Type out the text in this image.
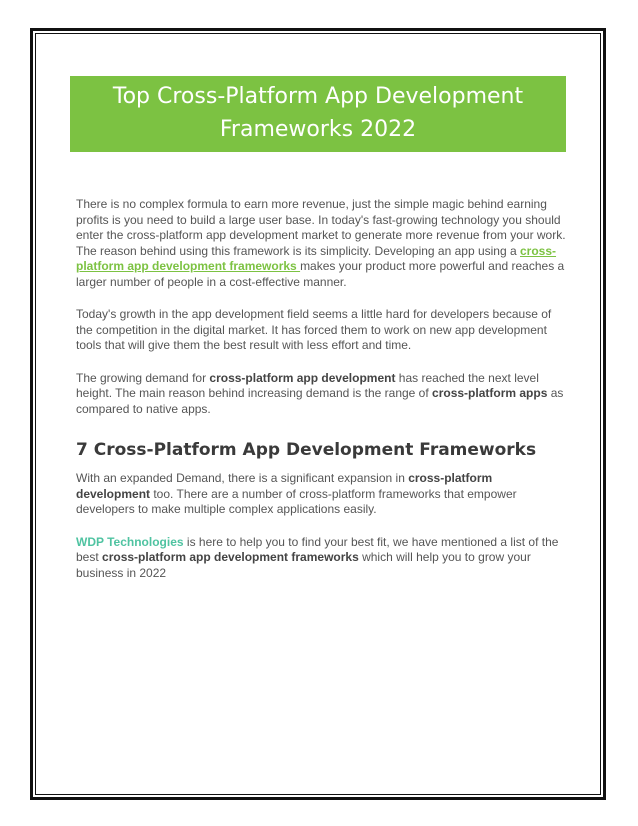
Top Cross-Platform App Development
Frameworks 2022

There is no complex formula to earn more revenue, just the simple magic behind earning profits is you need to build a large user base. In today's fast-growing technology you should enter the cross-platform app development market to generate more revenue from your work. The reason behind using this framework is its simplicity. Developing an app using a cross-platform app development frameworks makes your product more powerful and reaches a larger number of people in a cost-effective manner.

Today's growth in the app development field seems a little hard for developers because of the competition in the digital market. It has forced them to work on new app development tools that will give them the best result with less effort and time.

The growing demand for cross-platform app development has reached the next level height. The main reason behind increasing demand is the range of cross-platform apps as compared to native apps.

7 Cross-Platform App Development Frameworks

With an expanded Demand, there is a significant expansion in cross-platform development too. There are a number of cross-platform frameworks that empower developers to make multiple complex applications easily.

WDP Technologies is here to help you to find your best fit, we have mentioned a list of the best cross-platform app development frameworks which will help you to grow your business in 2022
